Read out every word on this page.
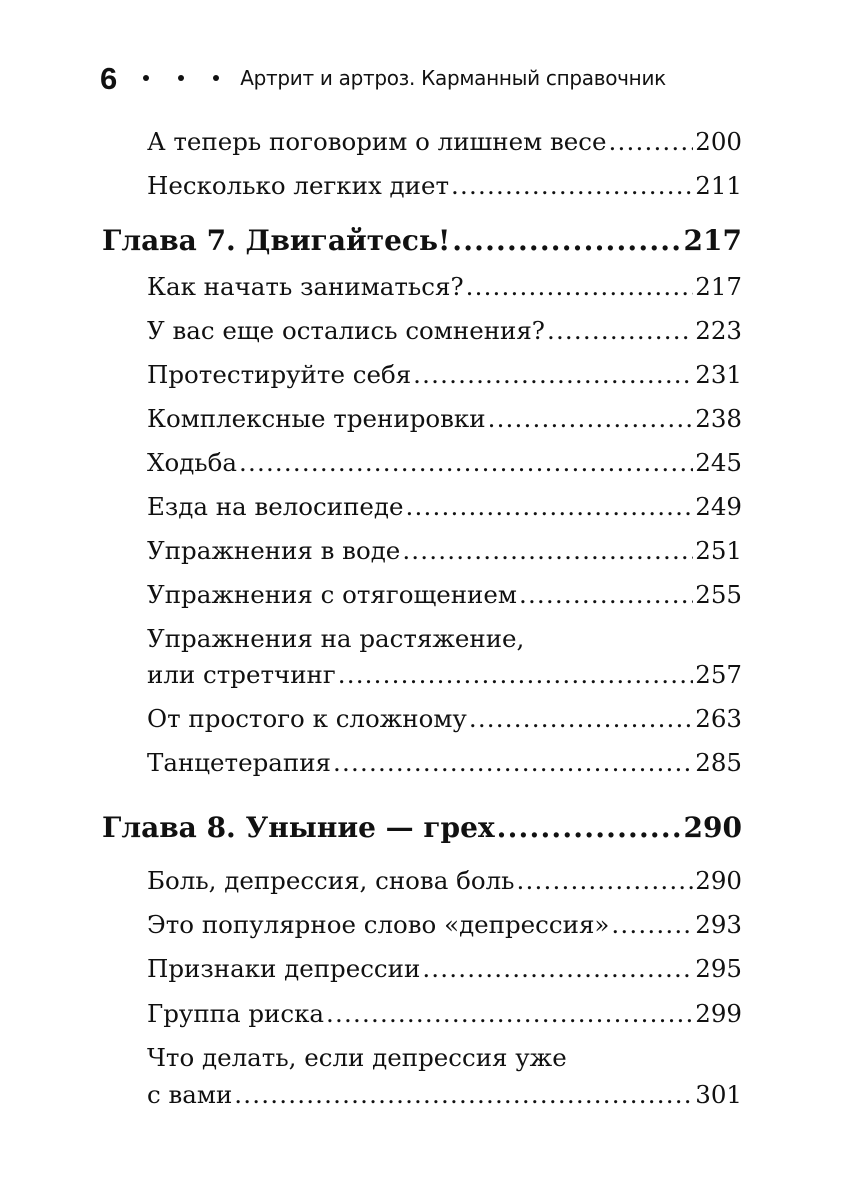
6	Артрит и артроз. Карманный справочник
А теперь поговорим о лишнем весе .....	200
Несколько легких диет .....	211
Глава 7. Двигайтесь! .....	217
Как начать заниматься? .....	217
У вас еще остались сомнения? .....	223
Протестируйте себя .....	231
Комплексные тренировки .....	238
Ходьба .....	245
Езда на велосипеде .....	249
Упражнения в воде .....	251
Упражнения с отягощением .....	255
Упражнения на растяжение,
или стретчинг .....	257
От простого к сложному .....	263
Танцетерапия .....	285
Глава 8. Уныние — грех .....	290
Боль, депрессия, снова боль .....	290
Это популярное слово «депрессия» .....	293
Признаки депрессии .....	295
Группа риска .....	299
Что делать, если депрессия уже
с вами .....	301
